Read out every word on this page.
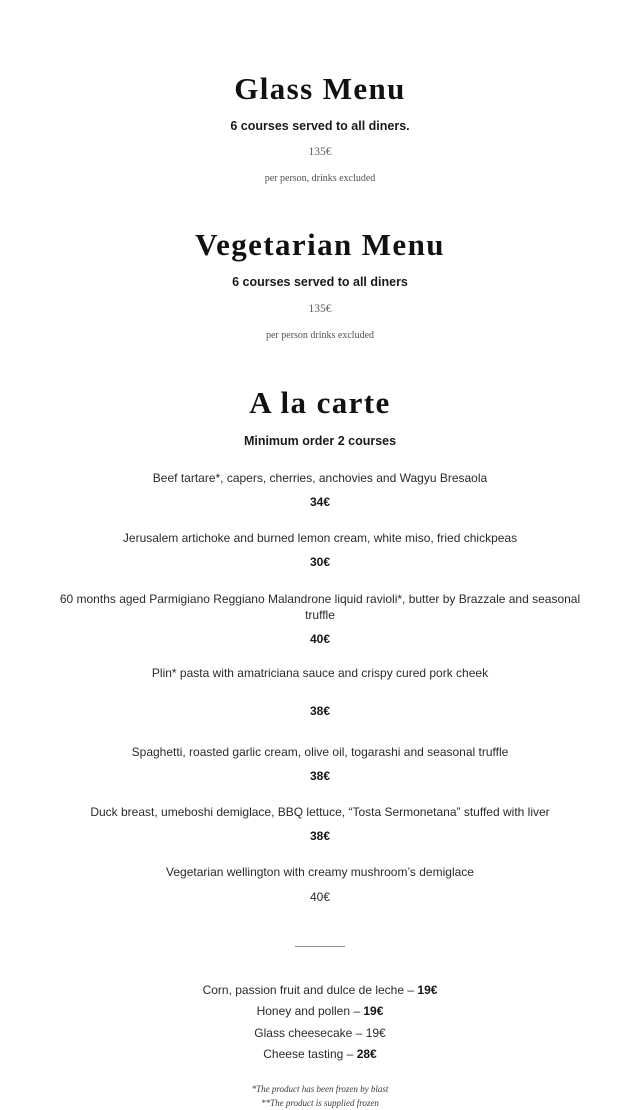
Glass Menu

6 courses served to all diners.

135€

per person, drinks excluded

Vegetarian Menu

6 courses served to all diners

135€

per person drinks excluded

A la carte

Minimum order 2 courses

Beef tartare*, capers, cherries, anchovies and Wagyu Bresaola

34€

Jerusalem artichoke and burned lemon cream, white miso, fried chickpeas

30€

60 months aged Parmigiano Reggiano Malandrone liquid ravioli*, butter by Brazzale and seasonal truffle

40€

Plin* pasta with amatriciana sauce and crispy cured pork cheek

38€

Spaghetti, roasted garlic cream, olive oil, togarashi and seasonal truffle

38€

Duck breast, umeboshi demiglace, BBQ lettuce, “Tosta Sermonetana” stuffed with liver

38€

Vegetarian wellington with creamy mushroom’s demiglace

40€

Corn, passion fruit and dulce de leche – 19€
Honey and pollen – 19€
Glass cheesecake – 19€
Cheese tasting – 28€

*The product has been frozen by blast

**The product is supplied frozen
